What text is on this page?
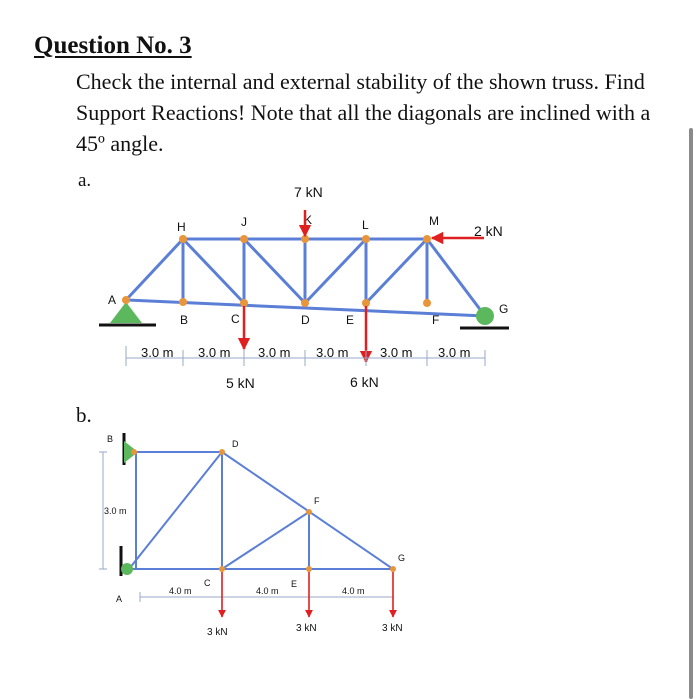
Question No. 3

Check the internal and external stability of the shown truss. Find Support Reactions! Note that all the diagonals are inclined with a 45º angle.

a.

b.

A
B	C	D	E	F
G
H	J	K	L	M
7 kN
2 kN
5 kN	6 kN
3.0 m 3.0 m 3.0 m 3.0 m 3.0 m 3.0 m
B	D
F
G
A
C	E
3.0 m
4.0 m	4.0 m	4.0 m
3 kN	3 kN	3 kN
